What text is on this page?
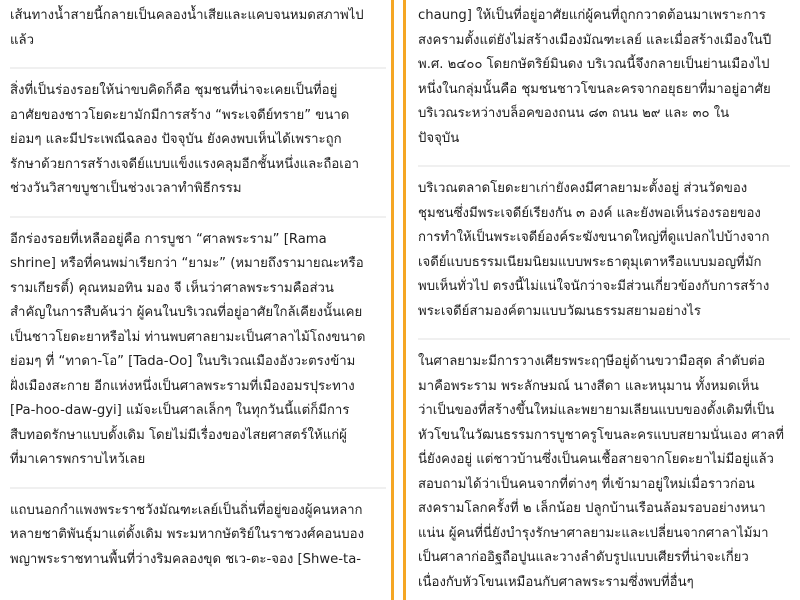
เส้นทางน้ำสายนี้กลายเป็นคลองน้ำเสียและแคบจนหมดสภาพไป
แล้ว

สิ่งที่เป็นร่องรอยให้น่าขบคิดก็คือ ชุมชนที่น่าจะเคยเป็นที่อยู่
อาศัยของชาวโยดะยามักมีการสร้าง “พระเจดีย์ทราย” ขนาด
ย่อมๆ และมีประเพณีฉลอง ปัจจุบัน ยังคงพบเห็นได้เพราะถูก
รักษาด้วยการสร้างเจดีย์แบบแข็งแรงคลุมอีกชั้นหนึ่งและถือเอา
ช่วงวันวิสาขบูชาเป็นช่วงเวลาทำพิธีกรรม

อีกร่องรอยที่เหลืออยู่คือ การบูชา “ศาลพระราม” [Rama
shrine] หรือที่คนพม่าเรียกว่า “ยามะ” (หมายถึงรามายณะหรือ
รามเกียรติ์) คุณหมอทิน มอง จี เห็นว่าศาลพระรามคือส่วน
สำคัญในการสืบค้นว่า ผู้คนในบริเวณที่อยู่อาศัยใกล้เคียงนั้นเคย
เป็นชาวโยดะยาหรือไม่ ท่านพบศาลยามะเป็นศาลาไม้โถงขนาด
ย่อมๆ ที่ “ทาดา-โอ” [Tada-Oo] ในบริเวณเมืองอังวะตรงข้าม
ฝั่งเมืองสะกาย อีกแห่งหนึ่งเป็นศาลพระรามที่เมืองอมรปุระทาง
[Pa-hoo-daw-gyi] แม้จะเป็นศาลเล็กๆ ในทุกวันนี้แต่ก็มีการ
สืบทอดรักษาแบบดั้งเดิม โดยไม่มีเรื่องของไสยศาสตร์ให้แก่ผู้
ที่มาเคารพกราบไหว้เลย

แถบนอกกำแพงพระราชวังมัณฑะเลย์เป็นถิ่นที่อยู่ของผู้คนหลาก
หลายชาติพันธุ์มาแต่ดั้งเดิม พระมหากษัตริย์ในราชวงศ์คอนบอง
พญาพระราชทานพื้นที่ว่างริมคลองขุด ชเว-ตะ-จอง [Shwe-ta-

chaung] ให้เป็นที่อยู่อาศัยแก่ผู้คนที่ถูกกวาดต้อนมาเพราะการ
สงครามตั้งแต่ยังไม่สร้างเมืองมัณฑะเลย์ และเมื่อสร้างเมืองในปี
พ.ศ. ๒๔๐๐ โดยกษัตริย์มินดง บริเวณนี้จึงกลายเป็นย่านเมืองไป
หนึ่งในกลุ่มนั้นคือ ชุมชนชาวโขนละครจากอยุธยาที่มาอยู่อาศัย
บริเวณระหว่างบล็อคของถนน ๘๓ ถนน ๒๙ และ ๓๐ ใน
ปัจจุบัน

บริเวณตลาดโยดะยาเก่ายังคงมีศาลยามะตั้งอยู่ ส่วนวัดของ
ชุมชนซึ่งมีพระเจดีย์เรียงกัน ๓ องค์ และยังพอเห็นร่องรอยของ
การทำให้เป็นพระเจดีย์องค์ระฆังขนาดใหญ่ที่ดูแปลกไปบ้างจาก
เจดีย์แบบธรรมเนียมนิยมแบบพระธาตุมุเตาหรือแบบมอญที่มัก
พบเห็นทั่วไป ตรงนี้ไม่แน่ใจนักว่าจะมีส่วนเกี่ยวข้องกับการสร้าง
พระเจดีย์สามองค์ตามแบบวัฒนธรรมสยามอย่างไร

ในศาลยามะมีการวางเศียรพระฤๅษีอยู่ด้านขวามือสุด ลำดับต่อ
มาคือพระราม พระลักษมณ์ นางสีดา และหนุมาน ทั้งหมดเห็น
ว่าเป็นของที่สร้างขึ้นใหม่และพยายามเลียนแบบของดั้งเดิมที่เป็น
หัวโขนในวัฒนธรรมการบูชาครูโขนละครแบบสยามนั่นเอง ศาลที่
นี่ยังคงอยู่ แต่ชาวบ้านซึ่งเป็นคนเชื้อสายจากโยดะยาไม่มีอยู่แล้ว
สอบถามได้ว่าเป็นคนจากที่ต่างๆ ที่เข้ามาอยู่ใหม่เมื่อราวก่อน
สงครามโลกครั้งที่ ๒ เล็กน้อย ปลูกบ้านเรือนล้อมรอบอย่างหนา
แน่น ผู้คนที่นี่ยังบำรุงรักษาศาลยามะและเปลี่ยนจากศาลาไม้มา
เป็นศาลาก่ออิฐถือปูนและวางลำดับรูปแบบเศียรที่น่าจะเกี่ยว
เนื่องกับหัวโขนเหมือนกับศาลพระรามซึ่งพบที่อื่นๆ
